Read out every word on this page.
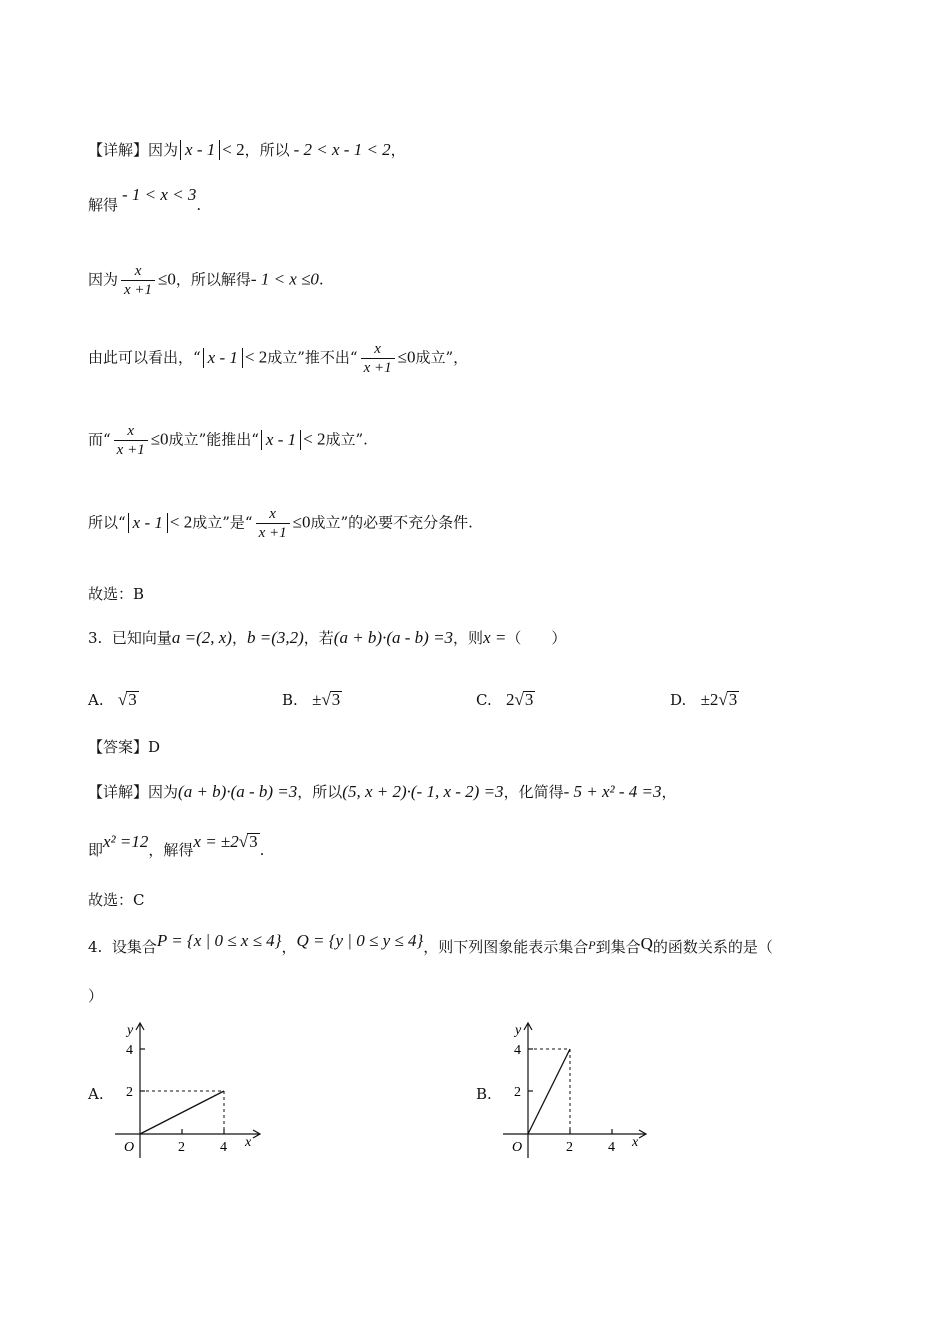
【详解】因为 x - 1 < 2，所以 - 2 < x - 1 < 2，
解得- 1 < x < 3.
因为 $\frac{x}{x +1} \le 0$，所以解得- 1 < x ≤0.
由此可以看出，“ x - 1 < 2成立”推不出“ $\frac{x}{x +1} \le 0$成立”，
而“ $\frac{x}{x +1} \le 0$成立”能推出“ x - 1 < 2成立”.
所以“ x - 1 < 2成立”是“ $\frac{x}{x +1} \le 0$成立”的必要不充分条件.
故选：B
3. 已知向量a =(2, x)，b =(3,2)，若(a + b)·(a - b) =3，则x =（　　）
A. √3	B. ±√3	C. 2√3	D. ±2√3
【答案】D
【详解】因为(a + b)·(a - b) =3，所以(5, x + 2)·(- 1, x - 2) =3，化简得- 5 + x² - 4 =3，
即x² =12，解得x = ±2√3 .
故选：C
4. 设集合P = {x | 0 ≤ x ≤ 4}，Q = {y | 0 ≤ y ≤ 4}，则下列图象能表示集合$^P$到集合Q的函数关系的是（
）
A.
y
4
2
O	2	4 x
B.
y
4
2
O	2	4 x
